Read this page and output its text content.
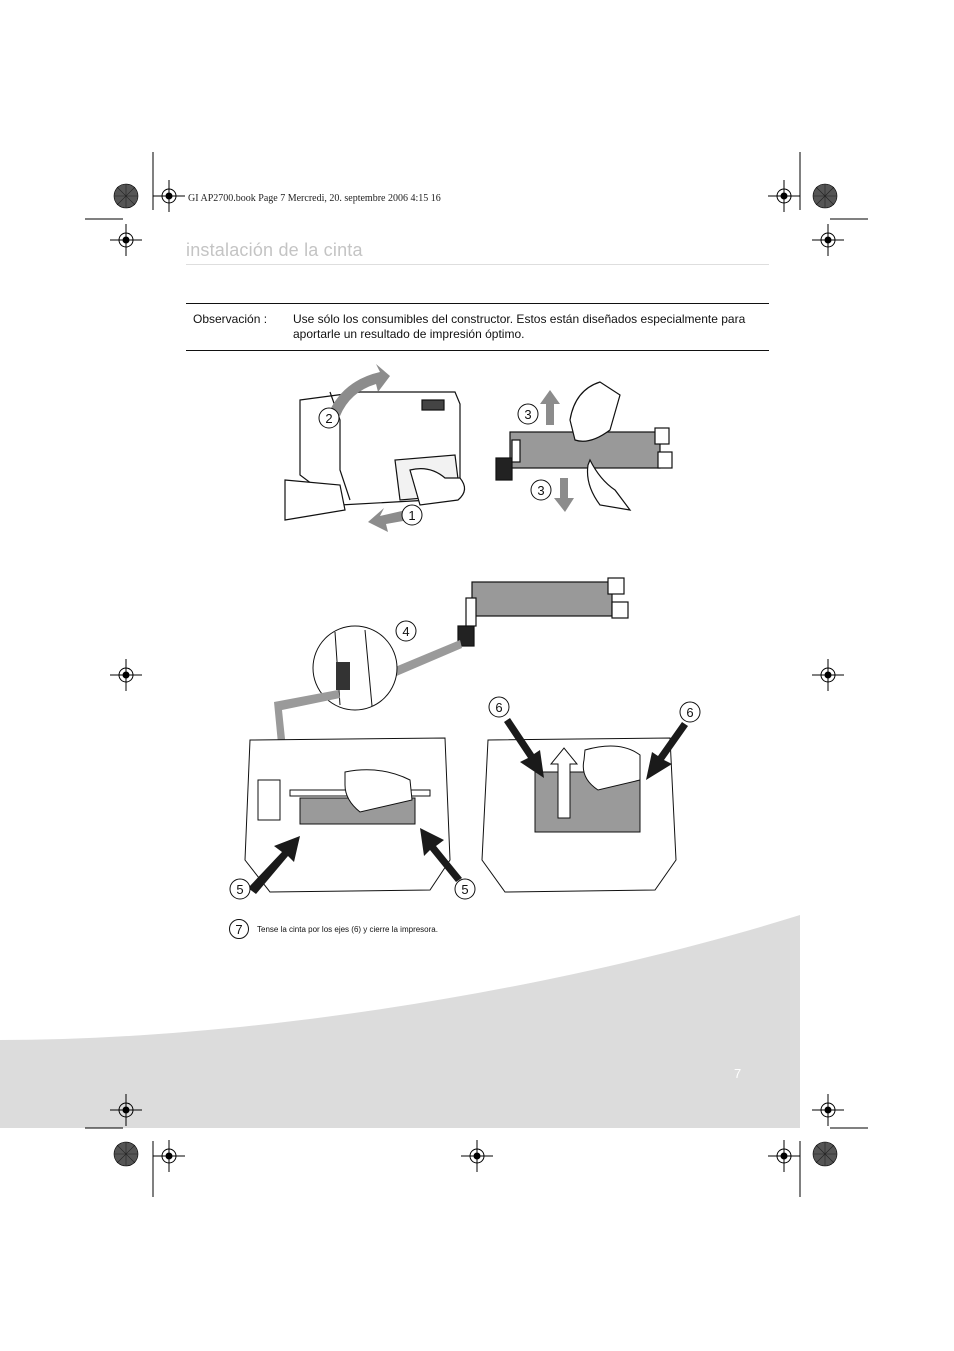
GI AP2700.book Page 7 Mercredi, 20. septembre 2006 4:15 16
instalación de la cinta
Observación : Use sólo los consumibles del constructor. Estos están diseñados especialmente para aportarle un resultado de impresión óptimo.
1
2	3
3
4
5	5
6	6
7	Tense la cinta por los ejes (6) y cierre la impresora.
7
